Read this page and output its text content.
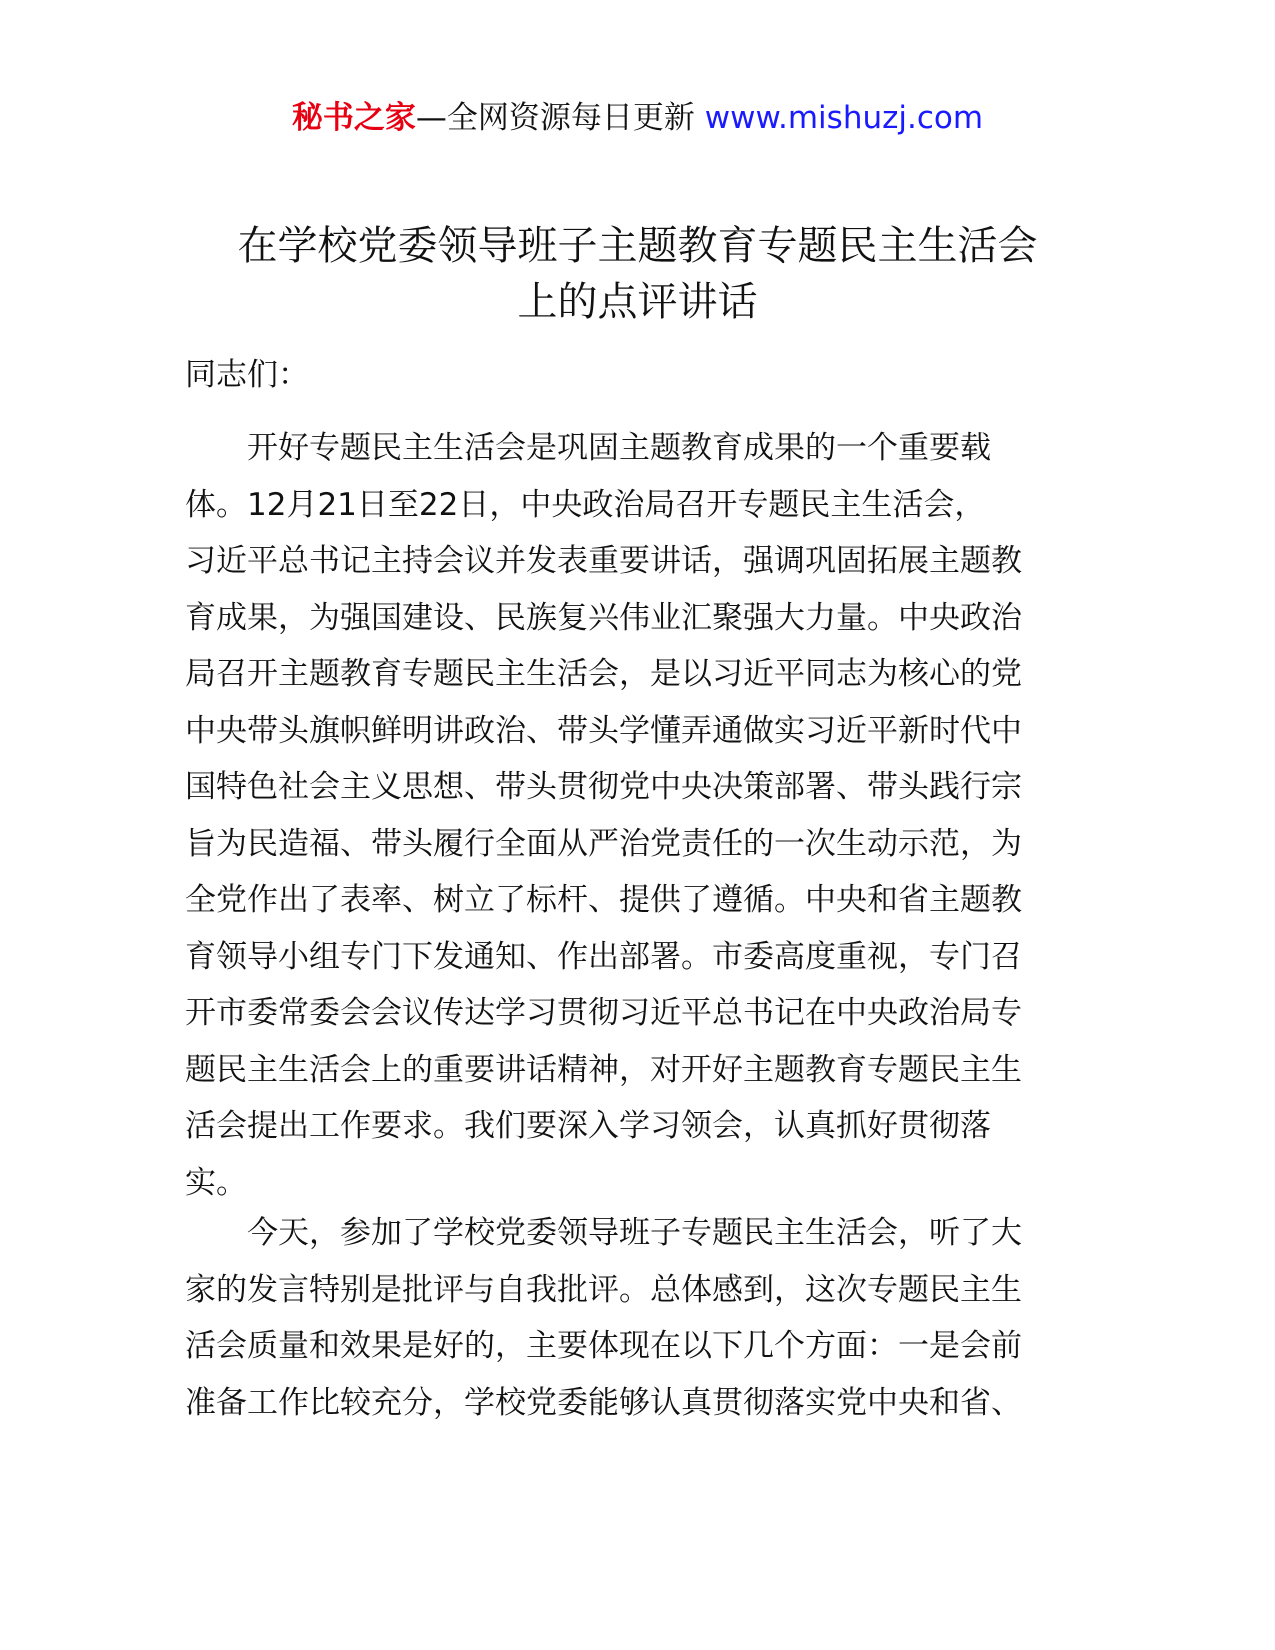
秘书之家—全网资源每日更新 www.mishuzj.com
在学校党委领导班子主题教育专题民主生活会
上的点评讲话
同志们：
　　开好专题民主生活会是巩固主题教育成果的一个重要载
体。12月21日至22日，中央政治局召开专题民主生活会，
习近平总书记主持会议并发表重要讲话，强调巩固拓展主题教
育成果，为强国建设、民族复兴伟业汇聚强大力量。中央政治
局召开主题教育专题民主生活会，是以习近平同志为核心的党
中央带头旗帜鲜明讲政治、带头学懂弄通做实习近平新时代中
国特色社会主义思想、带头贯彻党中央决策部署、带头践行宗
旨为民造福、带头履行全面从严治党责任的一次生动示范，为
全党作出了表率、树立了标杆、提供了遵循。中央和省主题教
育领导小组专门下发通知、作出部署。市委高度重视，专门召
开市委常委会会议传达学习贯彻习近平总书记在中央政治局专
题民主生活会上的重要讲话精神，对开好主题教育专题民主生
活会提出工作要求。我们要深入学习领会，认真抓好贯彻落
实。
　　今天，参加了学校党委领导班子专题民主生活会，听了大
家的发言特别是批评与自我批评。总体感到，这次专题民主生
活会质量和效果是好的，主要体现在以下几个方面：一是会前
准备工作比较充分，学校党委能够认真贯彻落实党中央和省、
